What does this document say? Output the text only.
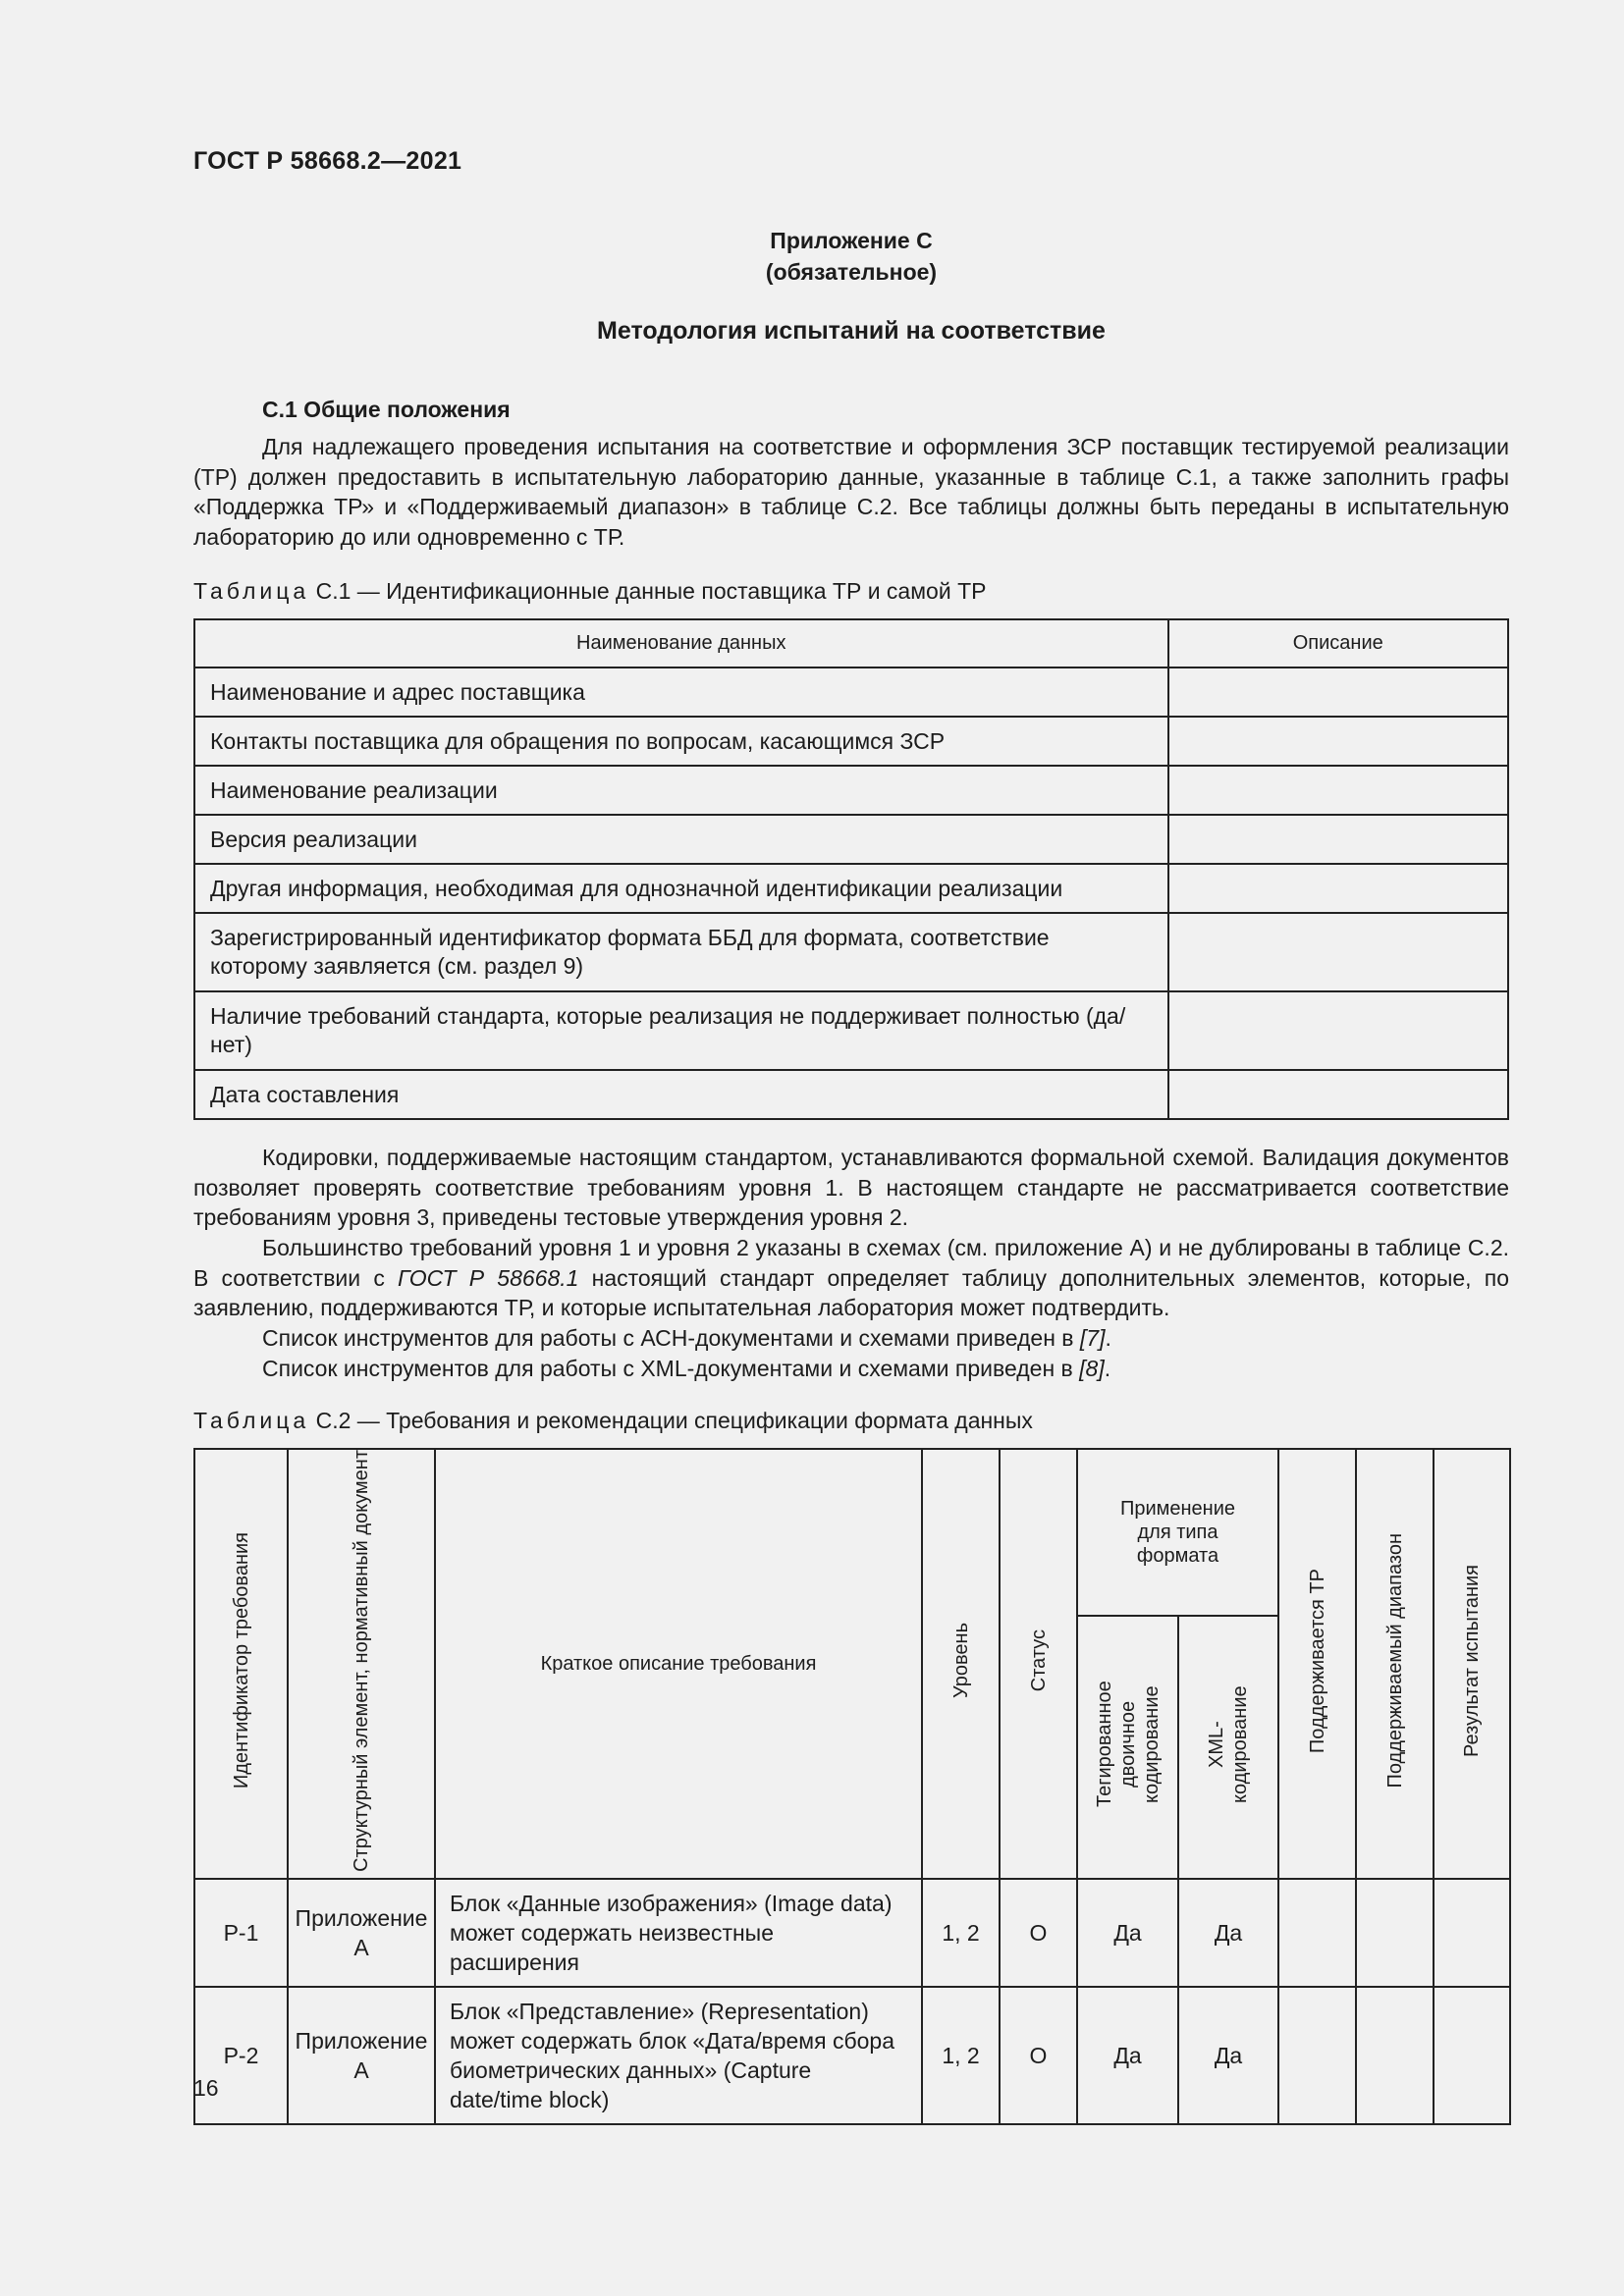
ГОСТ Р 58668.2—2021
Приложение С
(обязательное)
Методология испытаний на соответствие
С.1 Общие положения

Для надлежащего проведения испытания на соответствие и оформления ЗСР поставщик тестируемой реализации (ТР) должен предоставить в испытательную лабораторию данные, указанные в таблице С.1, а также заполнить графы «Поддержка ТР» и «Поддерживаемый диапазон» в таблице С.2. Все таблицы должны быть переданы в испытательную лабораторию до или одновременно с ТР.

Таблица С.1 — Идентификационные данные поставщика ТР и самой ТР
Наименование данных	Описание
Наименование и адрес поставщика	
Контакты поставщика для обращения по вопросам, касающимся ЗСР	
Наименование реализации	
Версия реализации	
Другая информация, необходимая для однозначной идентификации реализации	
Зарегистрированный идентификатор формата ББД для формата, соответствие которому заявляется (см. раздел 9)	
Наличие требований стандарта, которые реализация не поддерживает полностью (да/нет)	
Дата составления	

Кодировки, поддерживаемые настоящим стандартом, устанавливаются формальной схемой. Валидация документов позволяет проверять соответствие требованиям уровня 1. В настоящем стандарте не рассматривается соответствие требованиям уровня 3, приведены тестовые утверждения уровня 2.

Большинство требований уровня 1 и уровня 2 указаны в схемах (см. приложение А) и не дублированы в таблице С.2. В соответствии с ГОСТ Р 58668.1 настоящий стандарт определяет таблицу дополнительных элементов, которые, по заявлению, поддерживаются ТР, и которые испытательная лаборатория может подтвердить.

Список инструментов для работы с АСН-документами и схемами приведен в [7].

Список инструментов для работы с XML-документами и схемами приведен в [8].

Таблица С.2 — Требования и рекомендации спецификации формата данных
Идентификатор требования	Структурный элемент, нормативный документ	Краткое описание требования	Уровень	Статус	Применение для типа формата		Поддерживается ТР	Поддерживаемый диапазон	Результат испытания
					Тегированное двоичное кодирование	XML-кодирование			
Р-1	Приложение А	Блок «Данные изображения» (Image data) может содержать неизвестные расширения	1, 2	О	Да	Да			
Р-2	Приложение А	Блок «Представление» (Representation) может содержать блок «Дата/время сбора биометрических данных» (Capture date/time block)	1, 2	О	Да	Да			
16
